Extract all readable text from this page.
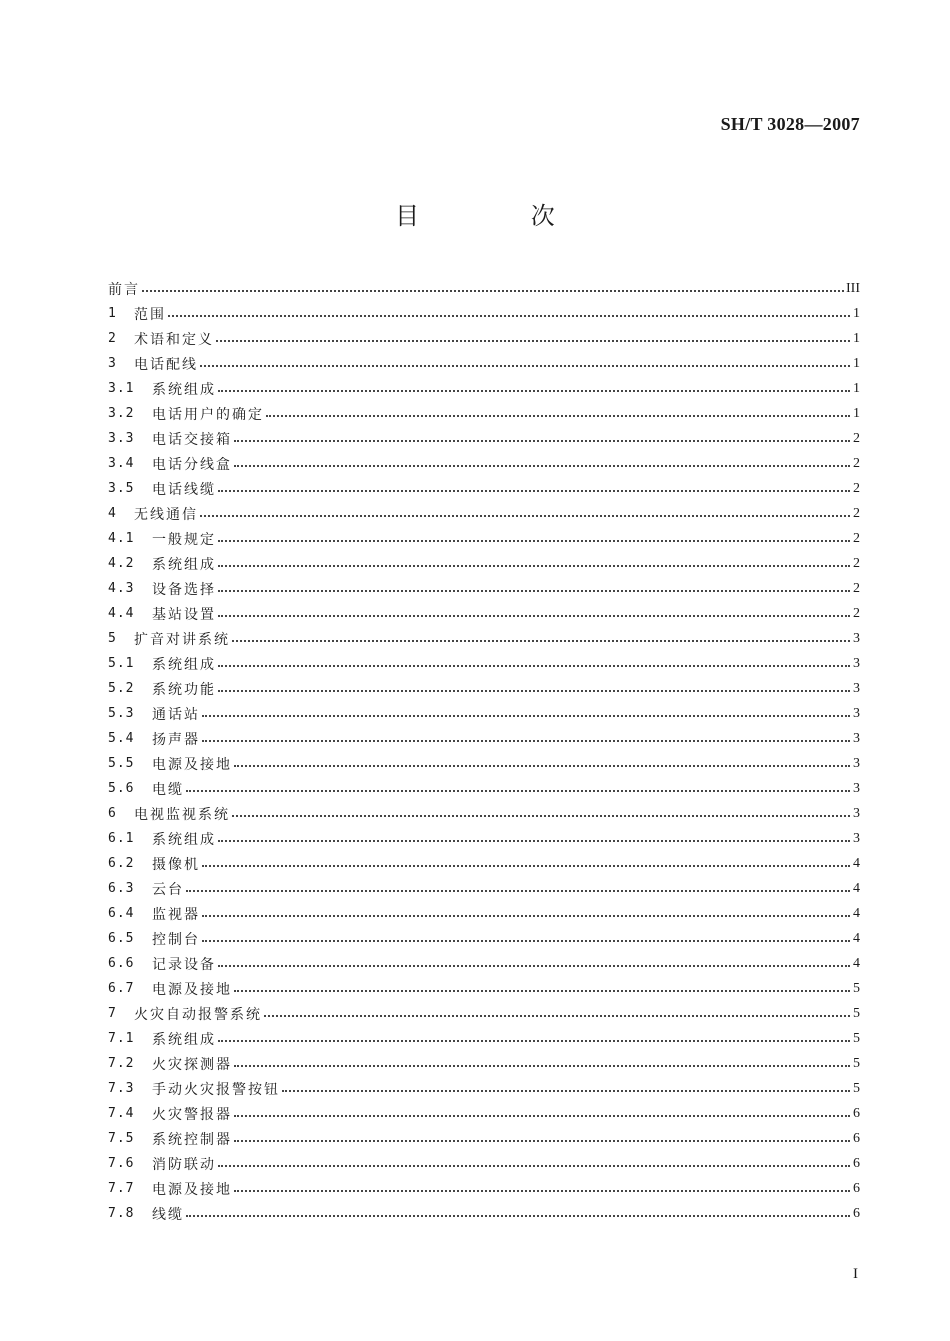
SH/T 3028—2007
目 次
前言	III
1	范围	1
2	术语和定义	1
3	电话配线	1
3.1	系统组成	1
3.2	电话用户的确定	1
3.3	电话交接箱	2
3.4	电话分线盒	2
3.5	电话线缆	2
4	无线通信	2
4.1	一般规定	2
4.2	系统组成	2
4.3	设备选择	2
4.4	基站设置	2
5	扩音对讲系统	3
5.1	系统组成	3
5.2	系统功能	3
5.3	通话站	3
5.4	扬声器	3
5.5	电源及接地	3
5.6	电缆	3
6	电视监视系统	3
6.1	系统组成	3
6.2	摄像机	4
6.3	云台	4
6.4	监视器	4
6.5	控制台	4
6.6	记录设备	4
6.7	电源及接地	5
7	火灾自动报警系统	5
7.1	系统组成	5
7.2	火灾探测器	5
7.3	手动火灾报警按钮	5
7.4	火灾警报器	6
7.5	系统控制器	6
7.6	消防联动	6
7.7	电源及接地	6
7.8	线缆	6
I
